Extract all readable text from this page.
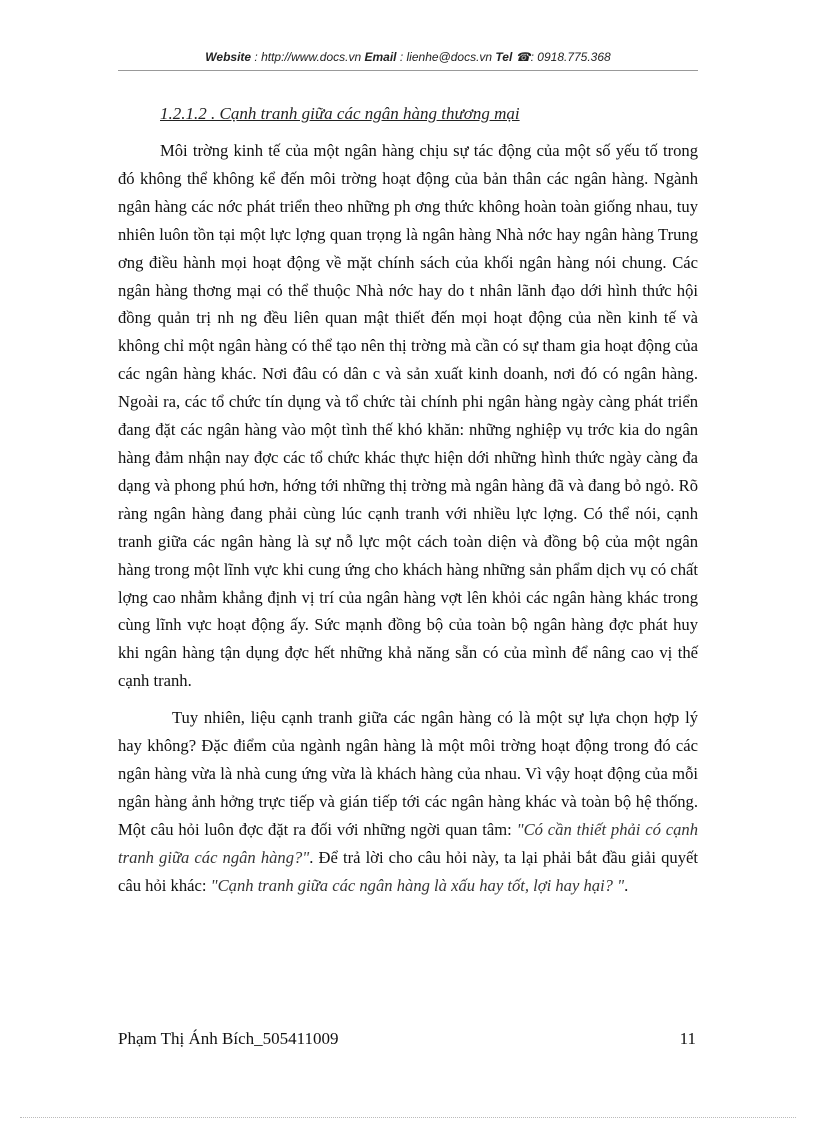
Website : http://www.docs.vn Email : lienhe@docs.vn Tel ☎: 0918.775.368
1.2.1.2 . Cạnh tranh giữa các ngân hàng thương mại

Môi trờng kinh tế của một ngân hàng chịu sự tác động của một số yếu tố trong đó không thể không kể đến môi trờng hoạt động của bản thân các ngân hàng. Ngành ngân hàng các nớc phát triển theo những ph ơng thức không hoàn toàn giống nhau, tuy nhiên luôn tồn tại một lực lợng quan trọng là ngân hàng Nhà nớc hay ngân hàng Trung ơng điều hành mọi hoạt động về mặt chính sách của khối ngân hàng nói chung. Các ngân hàng thơng mại có thể thuộc Nhà nớc hay do t nhân lãnh đạo dới hình thức hội đồng quản trị nh ng đều liên quan mật thiết đến mọi hoạt động của nền kinh tế và không chỉ một ngân hàng có thể tạo nên thị trờng mà cần có sự tham gia hoạt động của các ngân hàng khác. Nơi đâu có dân c và sản xuất kinh doanh, nơi đó có ngân hàng. Ngoài ra, các tổ chức tín dụng và tổ chức tài chính phi ngân hàng ngày càng phát triển đang đặt các ngân hàng vào một tình thế khó khăn: những nghiệp vụ trớc kia do ngân hàng đảm nhận nay đợc các tổ chức khác thực hiện dới những hình thức ngày càng đa dạng và phong phú hơn, hớng tới những thị trờng mà ngân hàng đã và đang bỏ ngỏ. Rõ ràng ngân hàng đang phải cùng lúc cạnh tranh với nhiều lực lợng. Có thể nói, cạnh tranh giữa các ngân hàng là sự nỗ lực một cách toàn diện và đồng bộ của một ngân hàng trong một lĩnh vực khi cung ứng cho khách hàng những sản phẩm dịch vụ có chất lợng cao nhằm khẳng định vị trí của ngân hàng vợt lên khỏi các ngân hàng khác trong cùng lĩnh vực hoạt động ấy. Sức mạnh đồng bộ của toàn bộ ngân hàng đợc phát huy khi ngân hàng tận dụng đợc hết những khả năng sẵn có của mình để nâng cao vị thế cạnh tranh.

Tuy nhiên, liệu cạnh tranh giữa các ngân hàng có là một sự lựa chọn hợp lý hay không? Đặc điểm của ngành ngân hàng là một môi trờng hoạt động trong đó các ngân hàng vừa là nhà cung ứng vừa là khách hàng của nhau. Vì vậy hoạt động của mỗi ngân hàng ảnh hởng trực tiếp và gián tiếp tới các ngân hàng khác và toàn bộ hệ thống. Một câu hỏi luôn đợc đặt ra đối với những ngời quan tâm: "Có cần thiết phải có cạnh tranh giữa các ngân hàng?". Để trả lời cho câu hỏi này, ta lại phải bắt đầu giải quyết câu hỏi khác: "Cạnh tranh giữa các ngân hàng là xấu hay tốt, lợi hay hại? ".

Phạm Thị Ánh Bích_505411009	11
